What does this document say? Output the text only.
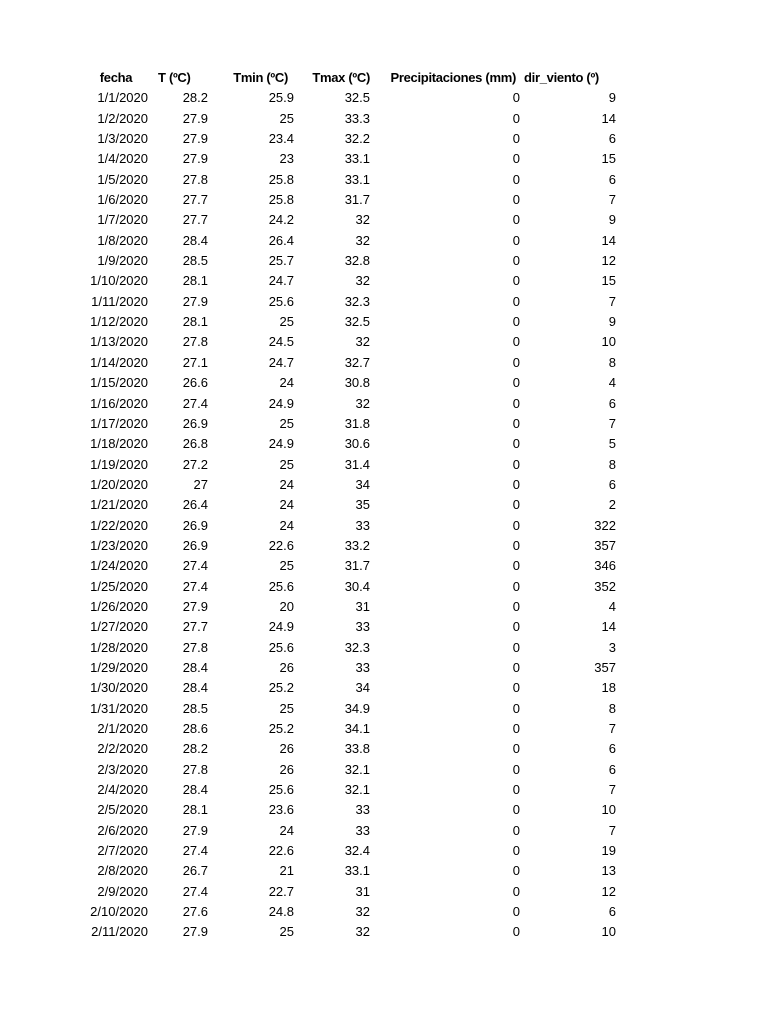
fecha	T (ºC)	Tmin (ºC)	Tmax (ºC)	Precipitaciones (mm)	dir_viento (º)
1/1/2020	28.2	25.9	32.5	0	9
1/2/2020	27.9	25	33.3	0	14
1/3/2020	27.9	23.4	32.2	0	6
1/4/2020	27.9	23	33.1	0	15
1/5/2020	27.8	25.8	33.1	0	6
1/6/2020	27.7	25.8	31.7	0	7
1/7/2020	27.7	24.2	32	0	9
1/8/2020	28.4	26.4	32	0	14
1/9/2020	28.5	25.7	32.8	0	12
1/10/2020	28.1	24.7	32	0	15
1/11/2020	27.9	25.6	32.3	0	7
1/12/2020	28.1	25	32.5	0	9
1/13/2020	27.8	24.5	32	0	10
1/14/2020	27.1	24.7	32.7	0	8
1/15/2020	26.6	24	30.8	0	4
1/16/2020	27.4	24.9	32	0	6
1/17/2020	26.9	25	31.8	0	7
1/18/2020	26.8	24.9	30.6	0	5
1/19/2020	27.2	25	31.4	0	8
1/20/2020	27	24	34	0	6
1/21/2020	26.4	24	35	0	2
1/22/2020	26.9	24	33	0	322
1/23/2020	26.9	22.6	33.2	0	357
1/24/2020	27.4	25	31.7	0	346
1/25/2020	27.4	25.6	30.4	0	352
1/26/2020	27.9	20	31	0	4
1/27/2020	27.7	24.9	33	0	14
1/28/2020	27.8	25.6	32.3	0	3
1/29/2020	28.4	26	33	0	357
1/30/2020	28.4	25.2	34	0	18
1/31/2020	28.5	25	34.9	0	8
2/1/2020	28.6	25.2	34.1	0	7
2/2/2020	28.2	26	33.8	0	6
2/3/2020	27.8	26	32.1	0	6
2/4/2020	28.4	25.6	32.1	0	7
2/5/2020	28.1	23.6	33	0	10
2/6/2020	27.9	24	33	0	7
2/7/2020	27.4	22.6	32.4	0	19
2/8/2020	26.7	21	33.1	0	13
2/9/2020	27.4	22.7	31	0	12
2/10/2020	27.6	24.8	32	0	6
2/11/2020	27.9	25	32	0	10
